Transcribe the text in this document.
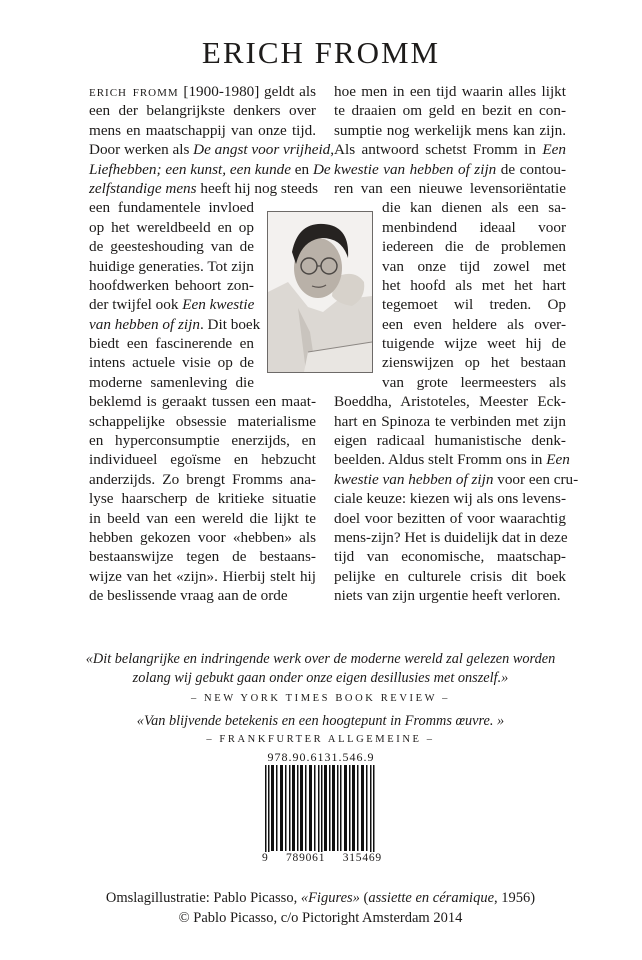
ERICH FROMM
erich fromm [1900-1980] geldt als
een der belangrijkste denkers over
mens en maatschappij van onze tijd.
Door werken als De angst voor vrijheid,
Liefhebben; een kunst, een kunde en De
zelfstandige mens heeft hij nog steeds
een fundamentele invloed
op het wereldbeeld en op
de geesteshouding van de
huidige generaties. Tot zijn
hoofdwerken behoort zon-
der twijfel ook Een kwestie
van hebben of zijn. Dit boek
biedt een fascinerende en
intens actuele visie op de
moderne samenleving die
beklemd is geraakt tussen een maat-
schappelijke obsessie materialisme
en hyperconsumptie enerzijds, en
individueel egoïsme en hebzucht
anderzijds. Zo brengt Fromms ana-
lyse haarscherp de kritieke situatie
in beeld van een wereld die lijkt te
hebben gekozen voor «hebben» als
bestaanswijze tegen de bestaans-
wijze van het «zijn». Hierbij stelt hij
de beslissende vraag aan de orde
hoe men in een tijd waarin alles lijkt
te draaien om geld en bezit en con-
sumptie nog werkelijk mens kan zijn.
Als antwoord schetst Fromm in Een
kwestie van hebben of zijn de contou-
ren van een nieuwe levensoriëntatie
die kan dienen als een sa-
menbindend ideaal voor
iedereen die de problemen
van onze tijd zowel met
het hoofd als met het hart
tegemoet wil treden. Op
een even heldere als over-
tuigende wijze weet hij de
zienswijzen op het bestaan
van grote leermeesters als
Boeddha, Aristoteles, Meester Eck-
hart en Spinoza te verbinden met zijn
eigen radicaal humanistische denk-
beelden. Aldus stelt Fromm ons in Een
kwestie van hebben of zijn voor een cru-
ciale keuze: kiezen wij als ons levens-
doel voor bezitten of voor waarachtig
mens-zijn? Het is duidelijk dat in deze
tijd van economische, maatschap-
pelijke en culturele crisis dit boek
niets van zijn urgentie heeft verloren.
«Dit belangrijke en indringende werk over de moderne wereld zal gelezen worden
zolang wij gebukt gaan onder onze eigen desillusies met onszelf.»
– NEW YORK TIMES BOOK REVIEW –
«Van blijvende betekenis en een hoogtepunt in Fromms œuvre. »
– FRANKFURTER ALLGEMEINE –
978.90.6131.546.9
9 789061 315469
Omslagillustratie: Pablo Picasso, «Figures» (assiette en céramique, 1956)
© Pablo Picasso, c/o Pictoright Amsterdam 2014
